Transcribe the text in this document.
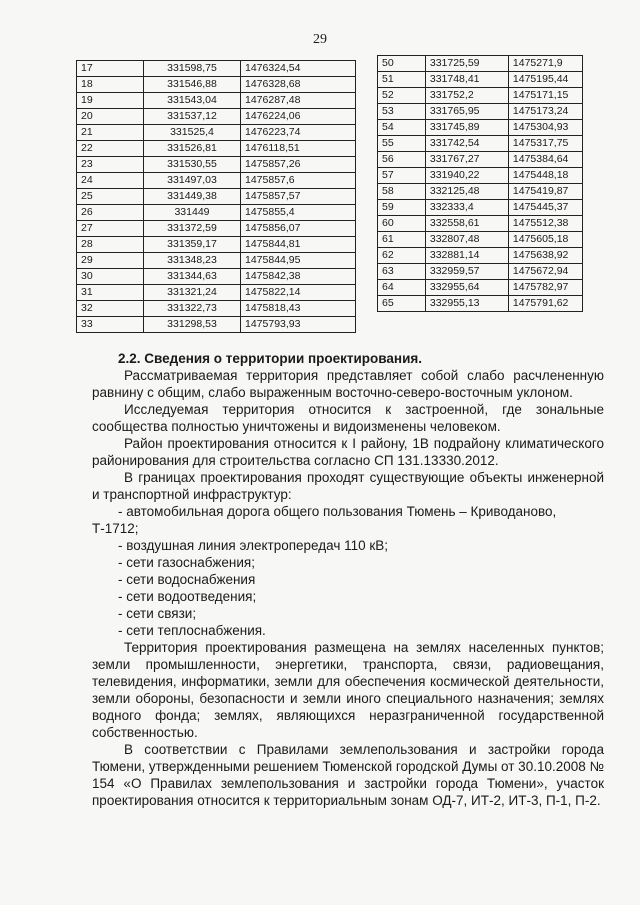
29
17	331598,75	1476324,54
18	331546,88	1476328,68
19	331543,04	1476287,48
20	331537,12	1476224,06
21	331525,4	1476223,74
22	331526,81	1476118,51
23	331530,55	1475857,26
24	331497,03	1475857,6
25	331449,38	1475857,57
26	331449	1475855,4
27	331372,59	1475856,07
28	331359,17	1475844,81
29	331348,23	1475844,95
30	331344,63	1475842,38
31	331321,24	1475822,14
32	331322,73	1475818,43
33	331298,53	1475793,93
50	331725,59	1475271,9
51	331748,41	1475195,44
52	331752,2	1475171,15
53	331765,95	1475173,24
54	331745,89	1475304,93
55	331742,54	1475317,75
56	331767,27	1475384,64
57	331940,22	1475448,18
58	332125,48	1475419,87
59	332333,4	1475445,37
60	332558,61	1475512,38
61	332807,48	1475605,18
62	332881,14	1475638,92
63	332959,57	1475672,94
64	332955,64	1475782,97
65	332955,13	1475791,62

2.2. Сведения о территории проектирования.

Рассматриваемая территория представляет собой слабо расчлененную равнину с общим, слабо выраженным восточно-северо-восточным уклоном.

Исследуемая территория относится к застроенной, где зональные сообщества полностью уничтожены и видоизменены человеком.

Район проектирования относится к I району, 1В подрайону климатического районирования для строительства согласно СП 131.13330.2012.

В границах проектирования проходят существующие объекты инженерной и транспортной инфраструктур:

- автомобильная дорога общего пользования Тюмень – Криводаново, Т-1712;

- воздушная линия электропередач 110 кВ;

- сети газоснабжения;

- сети водоснабжения

- сети водоотведения;

- сети связи;

- сети теплоснабжения.

Территория проектирования размещена на землях населенных пунктов; земли промышленности, энергетики, транспорта, связи, радиовещания, телевидения, информатики, земли для обеспечения космической деятельности, земли обороны, безопасности и земли иного специального назначения; землях водного фонда; землях, являющихся неразграниченной государственной собственностью.

В соответствии с Правилами землепользования и застройки города Тюмени, утвержденными решением Тюменской городской Думы от 30.10.2008 № 154 «О Правилах землепользования и застройки города Тюмени», участок проектирования относится к территориальным зонам ОД-7, ИТ-2, ИТ-3, П-1, П-2.
